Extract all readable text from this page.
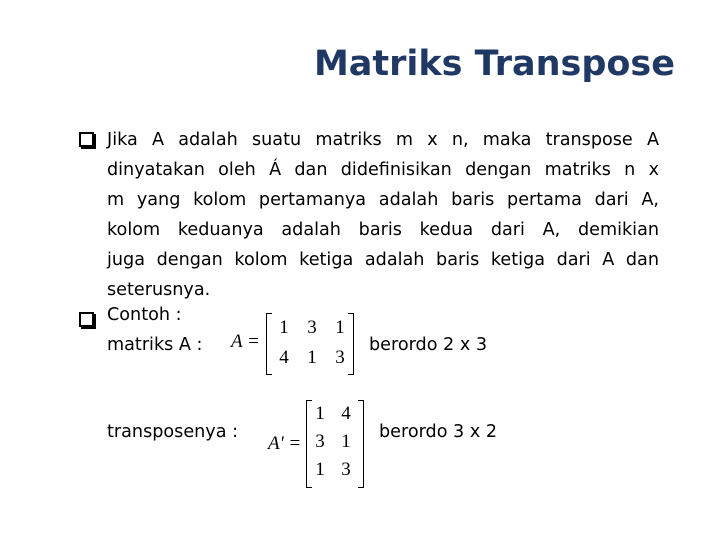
Matriks Transpose
Jika A adalah suatu matriks m x n, maka transpose A
dinyatakan oleh Á dan didefinisikan dengan matriks n x
m yang kolom pertamanya adalah baris pertama dari A,
kolom keduanya adalah baris kedua dari A, demikian
juga dengan kolom ketiga adalah baris ketiga dari A dan
seterusnya.
Contoh :
matriks A : A =
1 3 1
4 1 3
berordo 2 x 3
transposenya :
A' =
1 4
3 1
1 3
berordo 3 x 2
